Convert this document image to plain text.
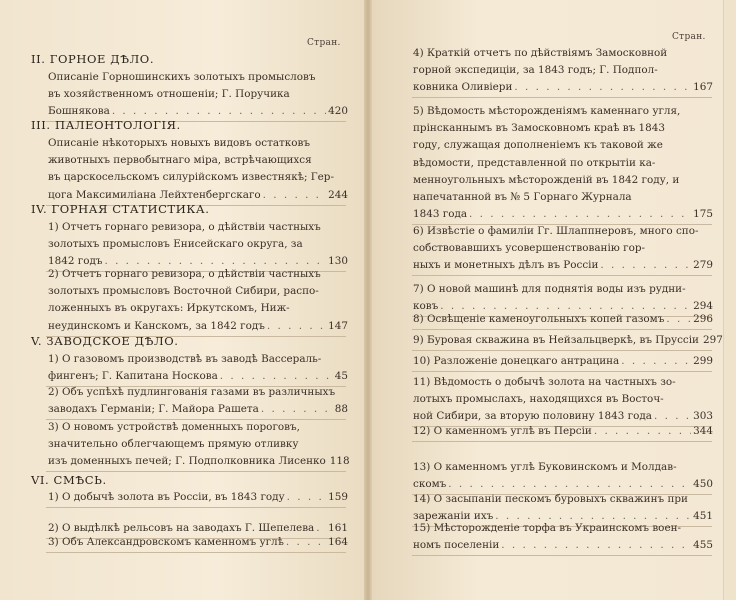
Стран.
Стран.
II. ГОРНОЕ ДѢЛО.
Описаніе Горношинскихъ золотыхъ промысловъ
въ хозяйственномъ отношеніи; Г. Поручика
Бошнякова . . .	420
III. ПАЛЕОНТОЛОГІЯ.
Описаніе нѣкоторыхъ новыхъ видовъ остатковъ
животныхъ первобытнаго міра, встрѣчающихся
въ царскосельскомъ силурійскомъ известнякѣ; Гер-
цога Максимиліана Лейхтенбергскаго . . .	244
IV. ГОРНАЯ СТАТИСТИКА.
1) Отчетъ горнаго ревизора, о дѣйствіи частныхъ
золотыхъ промысловъ Енисейскаго округа, за
1842 годъ . . .	130
2) Отчетъ горнаго ревизора, о дѣйствіи частныхъ
золотыхъ промысловъ Восточной Сибири, распо-
ложенныхъ въ округахъ: Иркутскомъ, Ниж-
неудинскомъ и Канскомъ, за 1842 годъ . . .	147
V. ЗАВОДСКОЕ ДѢЛО.
1) О газовомъ производствѣ въ заводѣ Вассераль-
фингенъ; Г. Капитана Носкова . . .	45
2) Объ успѣхѣ пудлингованія газами въ различныхъ
заводахъ Германіи; Г. Майора Рашета . . .	88
3) О новомъ устройствѣ доменныхъ пороговъ,
значительно облегчающемъ прямую отливку
изъ доменныхъ печей; Г. Подполковника Лисенко 118
VI. СМѢСЬ.
1) О добычѣ золота въ Россіи, въ 1843 году . . .	159
2) О выдѣлкѣ рельсовъ на заводахъ Г. Шепелева . . . 161
3) Объ Александровскомъ каменномъ углѣ . . .	164
4) Краткій отчетъ по дѣйствіямъ Замосковной
горной экспедиціи, за 1843 годъ; Г. Подпол-
ковника Оливіери . . .	167
5) Вѣдомость мѣсторожденіямъ каменнаго угля,
прінсканнымъ въ Замосковномъ краѣ въ 1843
году, служащая дополненіемъ къ таковой же
вѣдомости, представленной по открытіи ка-
менноугольныхъ мѣсторожденій въ 1842 году, и
напечатанной въ № 5 Горнаго Журнала
1843 года . . .	175
6) Извѣстіе о фамиліи Гг. Шлаппнеровъ, много спо-
собствовавшихъ усовершенствованію гор-
ныхъ и монетныхъ дѣлъ въ Россіи . . .	279
7) О новой машинѣ для поднятія воды изъ рудни-
ковъ . . .	294
8) Освѣщеніе каменоугольныхъ копей газомъ . . .	296
9) Буровая скважина въ Нейзальцверкѣ, въ Пруссіи 297
10) Разложеніе донецкаго антрацина . . .	299
11) Вѣдомость о добычѣ золота на частныхъ зо-
лотыхъ промыслахъ, находящихся въ Восточ-
ной Сибири, за вторую половину 1843 года . . .	303
12) О каменномъ углѣ въ Персіи . . .	344
13) О каменномъ углѣ Буковинскомъ и Молдав-
скомъ . . .	450
14) О засыпаніи пескомъ буровыхъ скважинъ при
зарежаніи ихъ . . .	451
15) Мѣсторожденіе торфа въ Украинскомъ воен-
номъ поселеніи . . .	455
